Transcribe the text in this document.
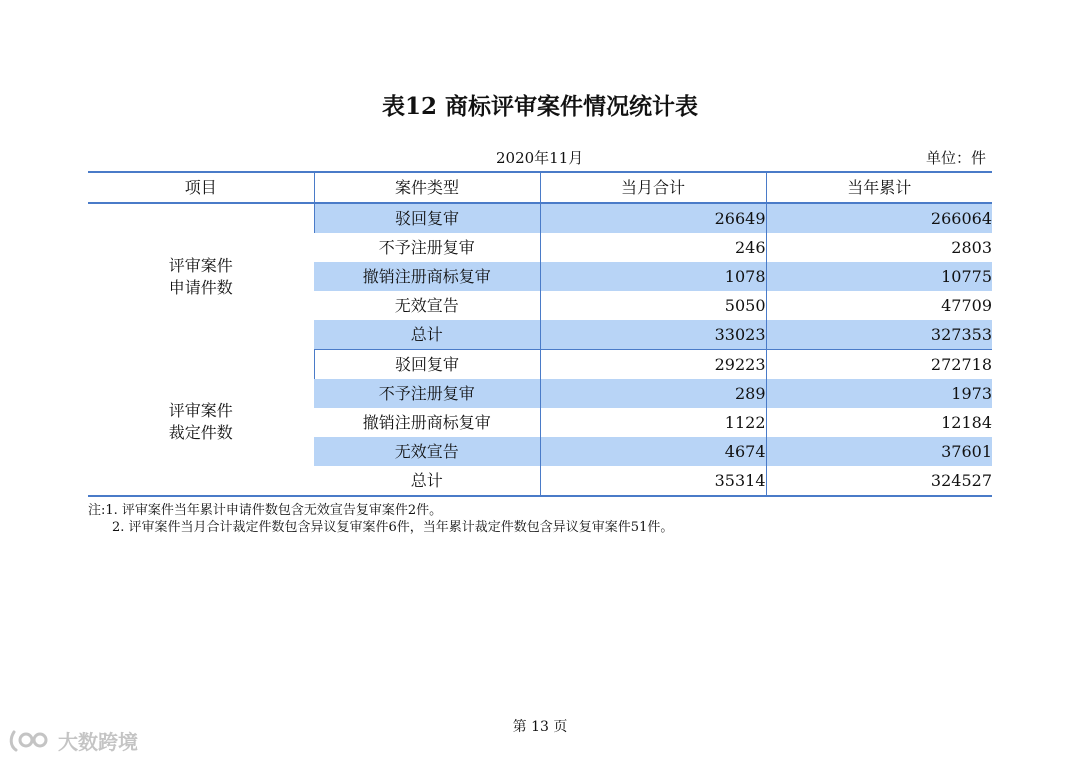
表12 商标评审案件情况统计表
2020年11月	单位：件
项目	案件类型	当月合计	当年累计

评审案件
申请件数	驳回复审	26649	266064
	不予注册复审	246	2803
	撤销注册商标复审	1078	10775
	无效宣告	5050	47709
	总计	33023	327353

评审案件
裁定件数	驳回复审	29223	272718
	不予注册复审	289	1973
	撤销注册商标复审	1122	12184
	无效宣告	4674	37601
	总计	35314	324527
注:1. 评审案件当年累计申请件数包含无效宣告复审案件2件。
2. 评审案件当月合计裁定件数包含异议复审案件6件，当年累计裁定件数包含异议复审案件51件。
第 13 页
大数跨境
